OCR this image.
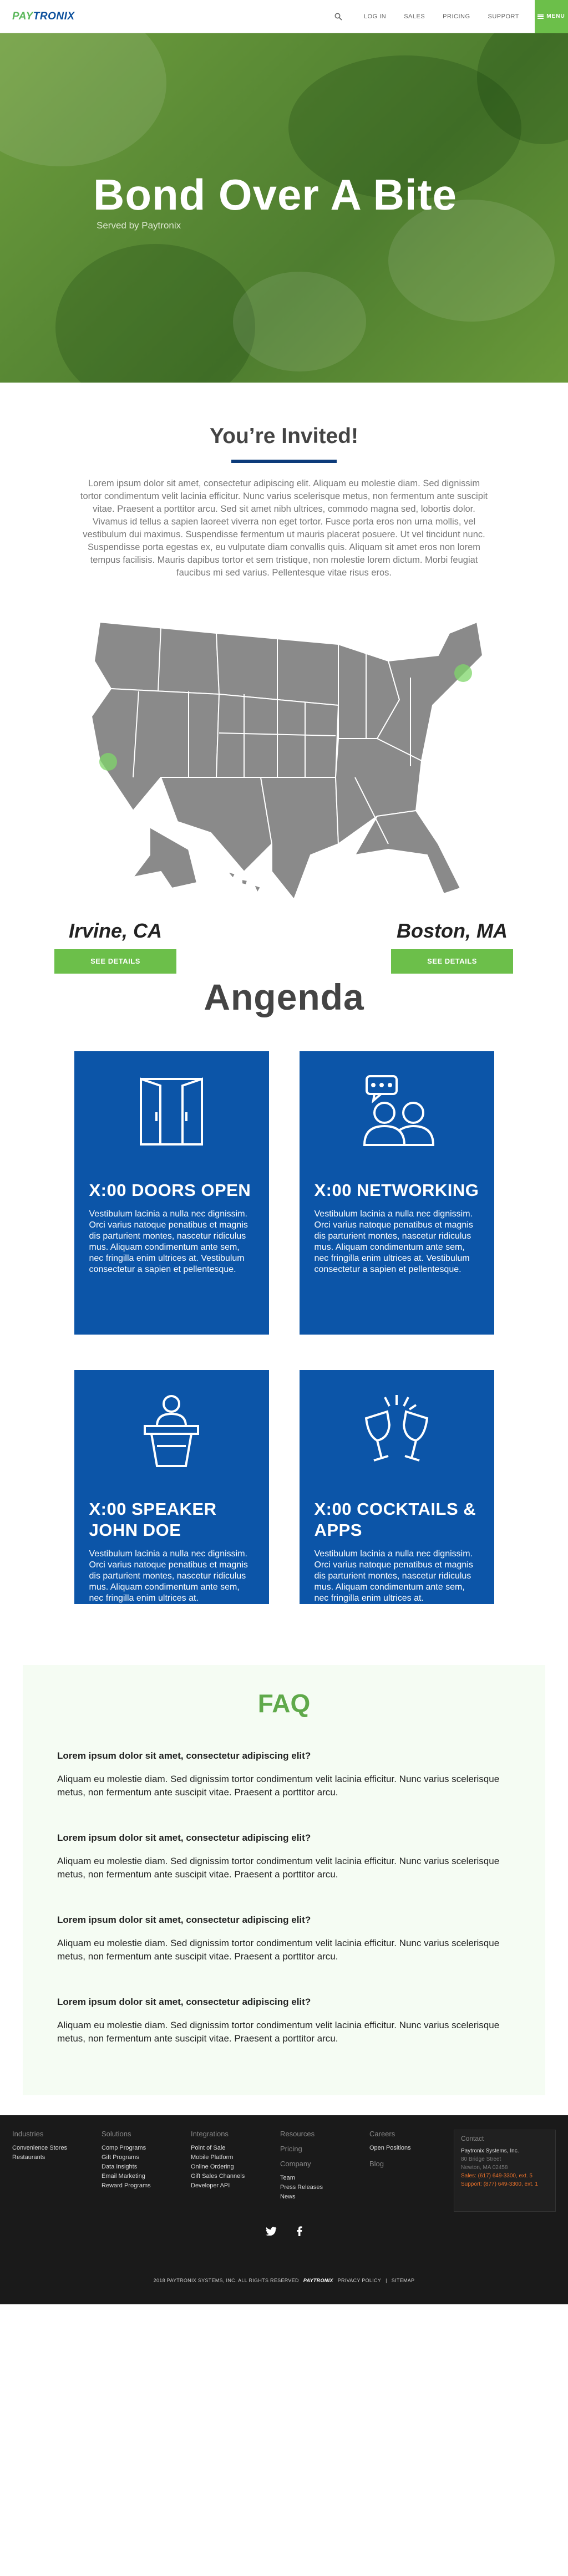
PAYTRONIX	LOG IN	SALES	PRICING	SUPPORT	MENU
Bond Over A Bite
Served by Paytronix
You’re Invited!

Lorem ipsum dolor sit amet, consectetur adipiscing elit. Aliquam eu molestie diam. Sed dignissim tortor condimentum velit lacinia efficitur. Nunc varius scelerisque metus, non fermentum ante suscipit vitae. Praesent a porttitor arcu. Sed sit amet nibh ultrices, commodo magna sed, lobortis dolor. Vivamus id tellus a sapien laoreet viverra non eget tortor. Fusce porta eros non urna mollis, vel vestibulum dui maximus. Suspendisse fermentum ut mauris placerat posuere. Ut vel tincidunt nunc. Suspendisse porta egestas ex, eu vulputate diam convallis quis. Aliquam sit amet eros non lorem tempus facilisis. Mauris dapibus tortor et sem tristique, non molestie lorem dictum. Morbi feugiat faucibus mi sed varius. Pellentesque vitae risus eros.

Irvine, CA
SEE DETAILS
Boston, MA
SEE DETAILS
Angenda
X:00 DOORS OPEN

Vestibulum lacinia a nulla nec dignissim. Orci varius natoque penatibus et magnis dis parturient montes, nascetur ridiculus mus. Aliquam condimentum ante sem, nec fringilla enim ultrices at. Vestibulum consectetur a sapien et pellentesque.

X:00 NETWORKING

Vestibulum lacinia a nulla nec dignissim. Orci varius natoque penatibus et magnis dis parturient montes, nascetur ridiculus mus. Aliquam condimentum ante sem, nec fringilla enim ultrices at. Vestibulum consectetur a sapien et pellentesque.

X:00 SPEAKER JOHN DOE

Vestibulum lacinia a nulla nec dignissim. Orci varius natoque penatibus et magnis dis parturient montes, nascetur ridiculus mus. Aliquam condimentum ante sem, nec fringilla enim ultrices at.

X:00 COCKTAILS & APPS

Vestibulum lacinia a nulla nec dignissim. Orci varius natoque penatibus et magnis dis parturient montes, nascetur ridiculus mus. Aliquam condimentum ante sem, nec fringilla enim ultrices at.

FAQ
Lorem ipsum dolor sit amet, consectetur adipiscing elit?
Aliquam eu molestie diam. Sed dignissim tortor condimentum velit lacinia efficitur. Nunc varius scelerisque metus, non fermentum ante suscipit vitae. Praesent a porttitor arcu.
Lorem ipsum dolor sit amet, consectetur adipiscing elit?
Aliquam eu molestie diam. Sed dignissim tortor condimentum velit lacinia efficitur. Nunc varius scelerisque metus, non fermentum ante suscipit vitae. Praesent a porttitor arcu.
Lorem ipsum dolor sit amet, consectetur adipiscing elit?
Aliquam eu molestie diam. Sed dignissim tortor condimentum velit lacinia efficitur. Nunc varius scelerisque metus, non fermentum ante suscipit vitae. Praesent a porttitor arcu.
Lorem ipsum dolor sit amet, consectetur adipiscing elit?
Aliquam eu molestie diam. Sed dignissim tortor condimentum velit lacinia efficitur. Nunc varius scelerisque metus, non fermentum ante suscipit vitae. Praesent a porttitor arcu.
Industries
Convenience Stores
Restaurants
Solutions
Comp Programs
Gift Programs
Data Insights
Email Marketing
Reward Programs
Integrations
Point of Sale
Mobile Platform
Online Ordering
Gift Sales Channels
Developer API
Resources
Pricing
Company
Team
Press Releases
News
Careers
Open Positions
Blog
Contact
Paytronix Systems, Inc.
80 Bridge Street
Newton, MA 02458
Sales: (617) 649-3300, ext. 5
Support: (877) 649-3300, ext. 1
2018 PAYTRONIX SYSTEMS, INC. ALL RIGHTS RESERVED PAYTRONIX PRIVACY POLICY | SITEMAP
